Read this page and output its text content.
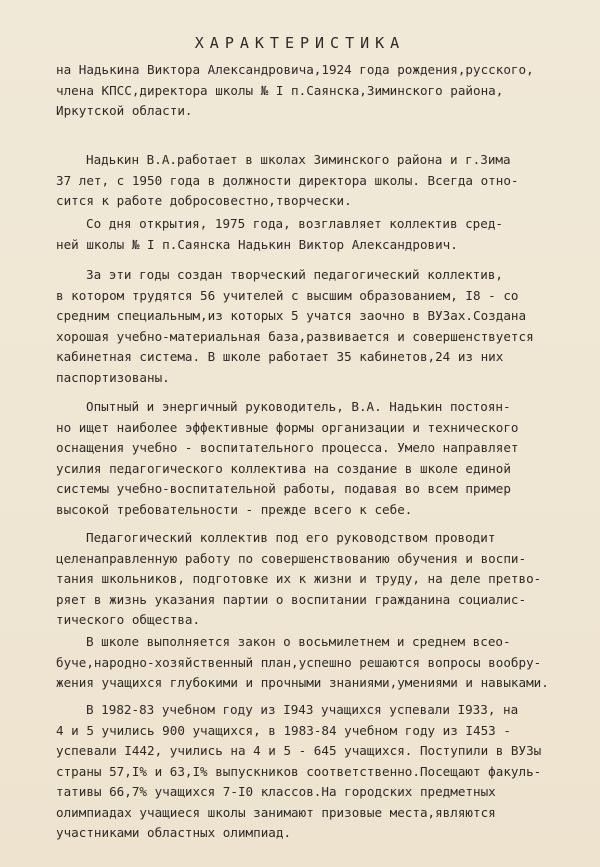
ХАРАКТЕРИСТИКА
на Надькина Виктора Александровича,1924 года рождения,русского,
члена КПСС,директора школы № I п.Саянска,Зиминского района,
Иркутской области.
Надькин В.А.работает в школах Зиминского района и г.Зима
37 лет, с 1950 года в должности директора школы. Всегда отно-
сится к работе добросовестно,творчески.
Со дня открытия, 1975 года, возглавляет коллектив сред-
ней школы № I п.Саянска Надькин Виктор Александрович.
За эти годы создан творческий педагогический коллектив,
в котором трудятся 56 учителей с высшим образованием, I8 - со
средним специальным,из которых 5 учатся заочно в ВУЗах.Создана
хорошая учебно-материальная база,развивается и совершенствуется
кабинетная система. В школе работает 35 кабинетов,24 из них
паспортизованы.
Опытный и энергичный руководитель, В.А. Надькин постоян-
но ищет наиболее эффективные формы организации и технического
оснащения учебно - воспитательного процесса. Умело направляет
усилия педагогического коллектива на создание в школе единой
системы учебно-воспитательной работы, подавая во всем пример
высокой требовательности - прежде всего к себе.
Педагогический коллектив под его руководством проводит
целенаправленную работу по совершенствованию обучения и воспи-
тания школьников, подготовке их к жизни и труду, на деле претво-
ряет в жизнь указания партии о воспитании гражданина социалис-
тического общества.
В школе выполняется закон о восьмилетнем и среднем всео-
буче,народно-хозяйственный план,успешно решаются вопросы вообру-
жения учащихся глубокими и прочными знаниями,умениями и навыками.
В 1982-83 учебном году из I943 учащихся успевали I933, на
4 и 5 учились 900 учащихся, в 1983-84 учебном году из I453 -
успевали I442, учились на 4 и 5 - 645 учащихся. Поступили в ВУЗы
страны 57,I% и 63,I% выпускников соответственно.Посещают факуль-
тативы 66,7% учащихся 7-I0 классов.На городских предметных
олимпиадах учащиеся школы занимают призовые места,являются
участниками областных олимпиад.
